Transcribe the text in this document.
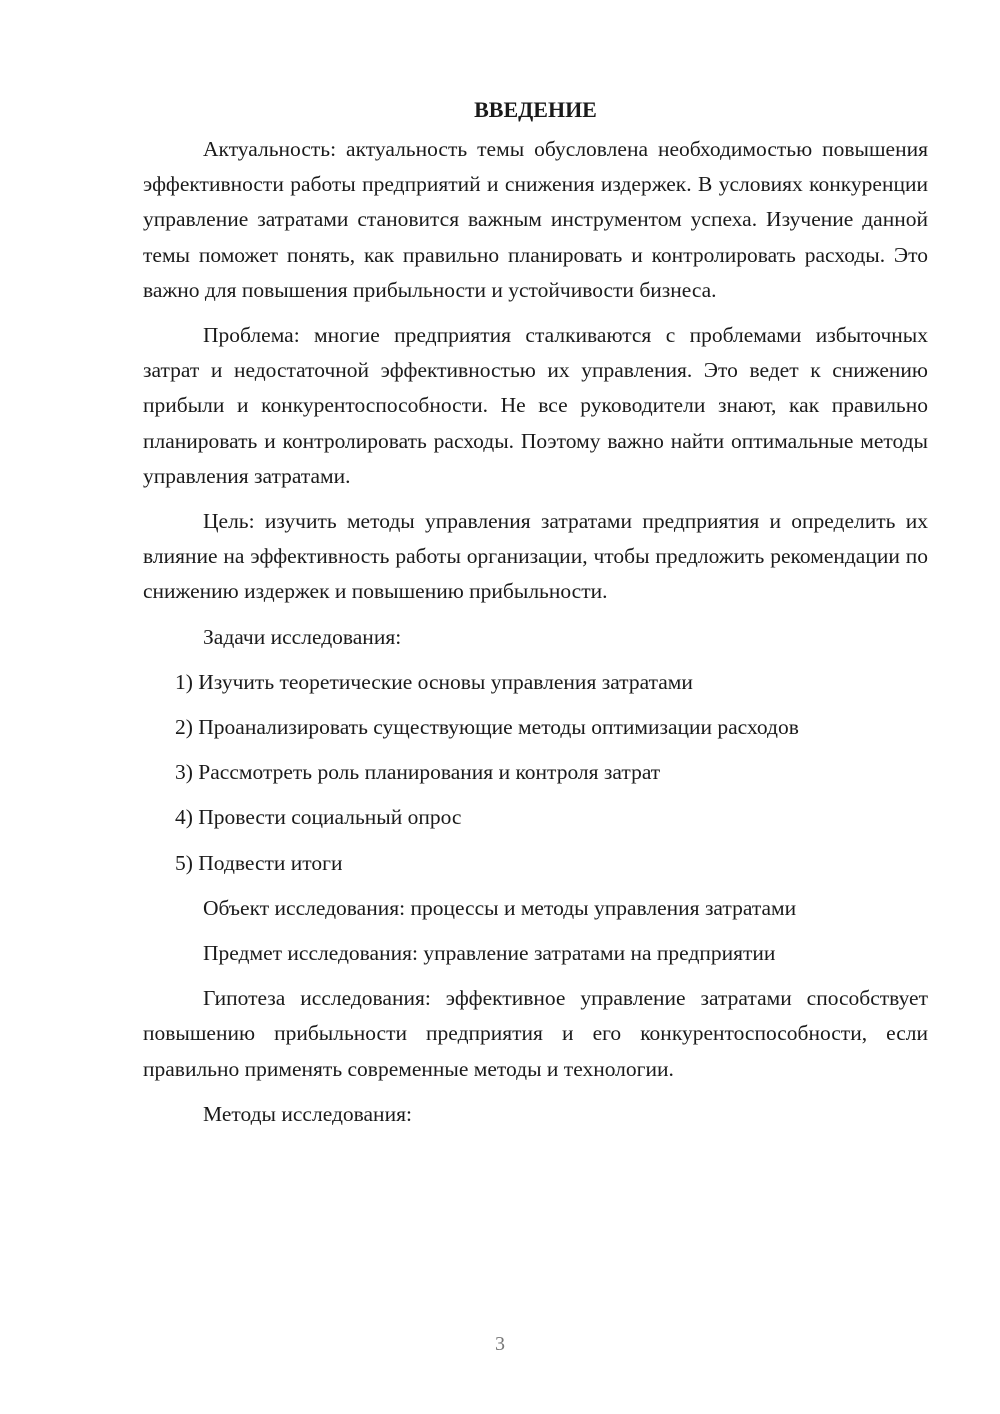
ВВЕДЕНИЕ

Актуальность: актуальность темы обусловлена необходимостью повышения эффективности работы предприятий и снижения издержек. В условиях конкуренции управление затратами становится важным инструментом успеха. Изучение данной темы поможет понять, как правильно планировать и контролировать расходы. Это важно для повышения прибыльности и устойчивости бизнеса.

Проблема: многие предприятия сталкиваются с проблемами избыточных затрат и недостаточной эффективностью их управления. Это ведет к снижению прибыли и конкурентоспособности. Не все руководители знают, как правильно планировать и контролировать расходы. Поэтому важно найти оптимальные методы управления затратами.

Цель: изучить методы управления затратами предприятия и определить их влияние на эффективность работы организации, чтобы предложить рекомендации по снижению издержек и повышению прибыльности.

Задачи исследования:
1) Изучить теоретические основы управления затратами
2) Проанализировать существующие методы оптимизации расходов
3) Рассмотреть роль планирования и контроля затрат
4) Провести социальный опрос
5) Подвести итоги
Объект исследования: процессы и методы управления затратами
Предмет исследования: управление затратами на предприятии

Гипотеза исследования: эффективное управление затратами способствует повышению прибыльности предприятия и его конкурентоспособности, если правильно применять современные методы и технологии.

Методы исследования:
3
